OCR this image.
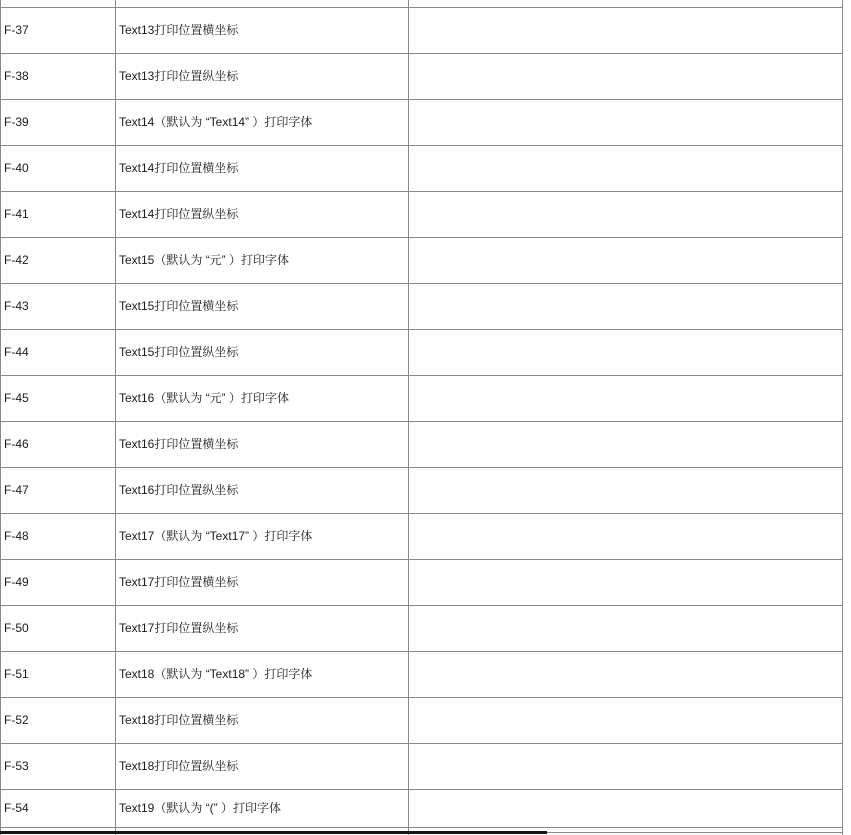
F-37	Text13打印位置横坐标
F-38	Text13打印位置纵坐标
F-39	Text14（默认为 “Text14” ）打印字体
F-40	Text14打印位置横坐标
F-41	Text14打印位置纵坐标
F-42	Text15（默认为 “元” ）打印字体
F-43	Text15打印位置横坐标
F-44	Text15打印位置纵坐标
F-45	Text16（默认为 “元” ）打印字体
F-46	Text16打印位置横坐标
F-47	Text16打印位置纵坐标
F-48	Text17（默认为 “Text17” ）打印字体
F-49	Text17打印位置横坐标
F-50	Text17打印位置纵坐标
F-51	Text18（默认为 “Text18” ）打印字体
F-52	Text18打印位置横坐标
F-53	Text18打印位置纵坐标
F-54	Text19（默认为 “(” ）打印字体
